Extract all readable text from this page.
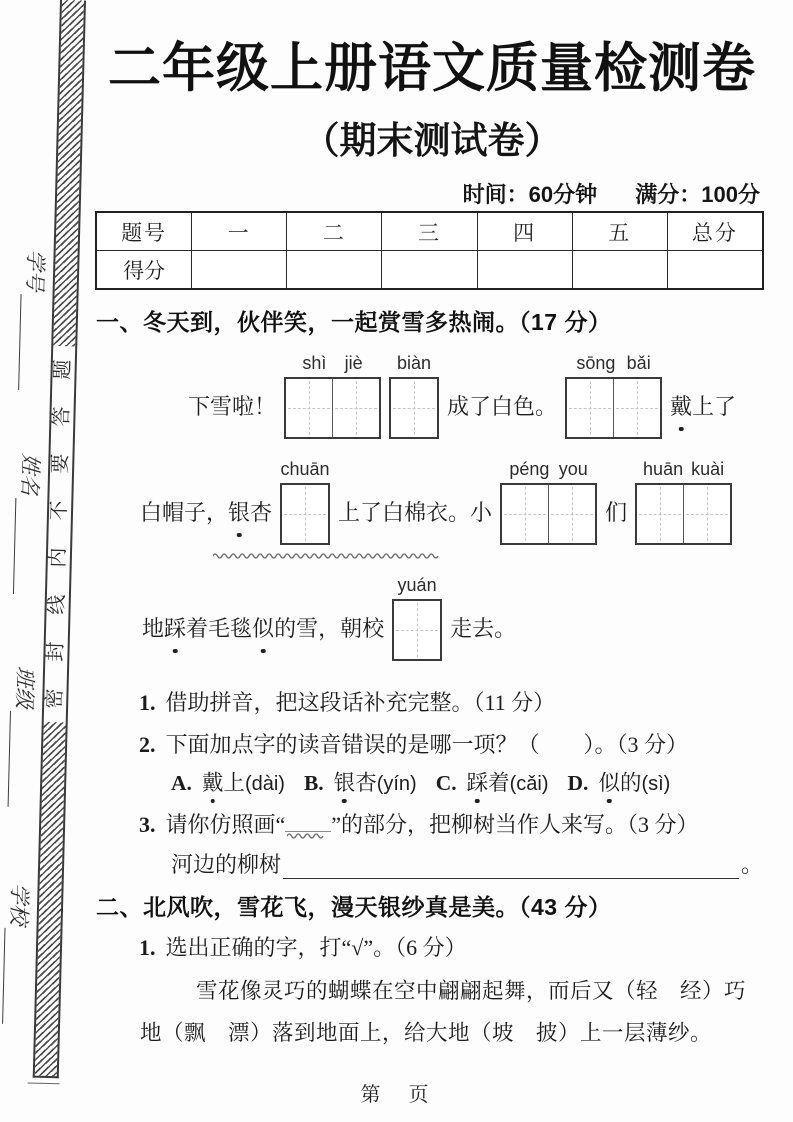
题
答
要
不
内
线
封
密
学号
姓名
班级
学校
二年级上册语文质量检测卷
（期末测试卷）
时间：60分钟 满分：100分
题号	一	二	三	四	五	总分
得分
一、冬天到，伙伴笑，一起赏雪多热闹。（17 分）
下雪啦！
shì jiè biàn
成了白色。
sōng bǎi
戴上了
白帽子，银杏
chuān
上了白棉衣。小
péng you
们
huān kuài
地踩着毛毯似的雪，朝校
yuán
走去。
1. 借助拼音，把这段话补充完整。（11 分）
2. 下面加点字的读音错误的是哪一项？（　　）。（3 分）
A. 戴上(dài) B. 银杏(yín) C. 踩着(cǎi) D. 似的(sì)
3. 请你仿照画“ ”的部分，把柳树当作人来写。（3 分）
河边的柳树	。
二、北风吹，雪花飞，漫天银纱真是美。（43 分）
1. 选出正确的字，打“√”。（6 分）
雪花像灵巧的蝴蝶在空中翩翩起舞，而后又（轻　经）巧
地（飘　漂）落到地面上，给大地（坡　披）上一层薄纱。
第　页
